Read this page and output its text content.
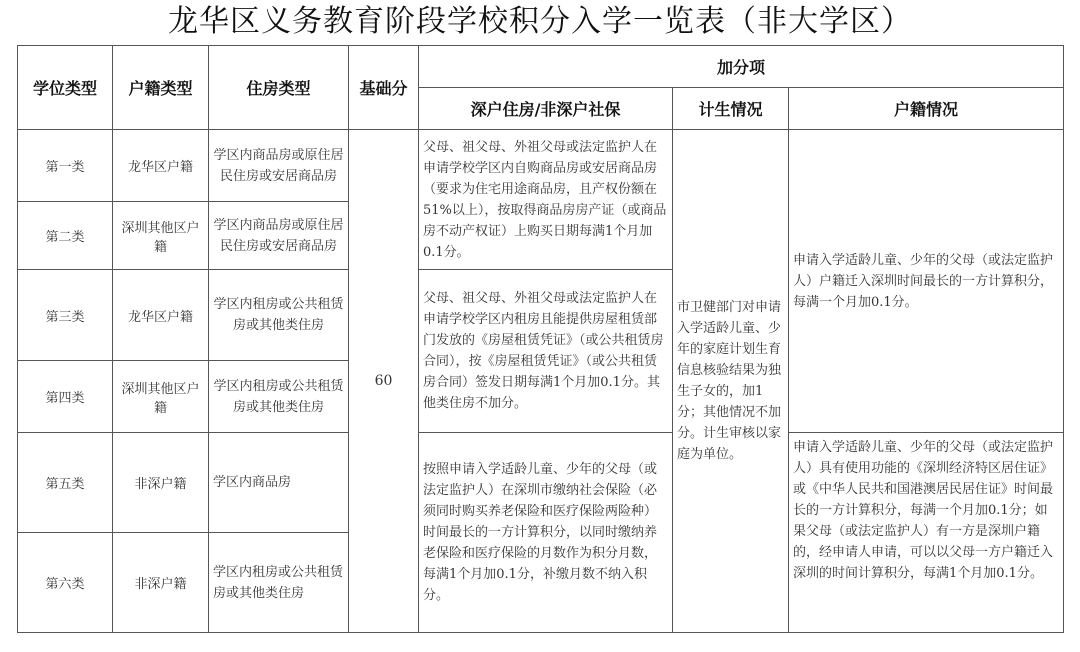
龙华区义务教育阶段学校积分入学一览表（非大学区）
学位类型	户籍类型	住房类型	基础分	加分项		
				深户住房/非深户社保	计生情况	户籍情况
第一类	龙华区户籍	学区内商品房或原住居民住房或安居商品房	60	父母、祖父母、外祖父母或法定监护人在申请学校学区内自购商品房或安居商品房（要求为住宅用途商品房，且产权份额在51%以上），按取得商品房房产证（或商品房不动产权证）上购买日期每满1个月加0.1分。	市卫健部门对申请入学适龄儿童、少年的家庭计划生育信息核验结果为独生子女的，加1分；其他情况不加分。计生审核以家庭为单位。	申请入学适龄儿童、少年的父母（或法定监护人）户籍迁入深圳时间最长的一方计算积分，每满一个月加0.1分。
第二类	深圳其他区户籍	学区内商品房或原住居民住房或安居商品房				
第三类	龙华区户籍	学区内租房或公共租赁房或其他类住房		父母、祖父母、外祖父母或法定监护人在申请学校学区内租房且能提供房屋租赁部门发放的《房屋租赁凭证》（或公共租赁房合同），按《房屋租赁凭证》（或公共租赁房合同）签发日期每满1个月加0.1分。其他类住房不加分。		
第四类	深圳其他区户籍	学区内租房或公共租赁房或其他类住房				
第五类	非深户籍	学区内商品房		按照申请入学适龄儿童、少年的父母（或法定监护人）在深圳市缴纳社会保险（必须同时购买养老保险和医疗保险两险种）时间最长的一方计算积分，以同时缴纳养老保险和医疗保险的月数作为积分月数，每满1个月加0.1分，补缴月数不纳入积分。		申请入学适龄儿童、少年的父母（或法定监护人）具有使用功能的《深圳经济特区居住证》或《中华人民共和国港澳居民居住证》时间最长的一方计算积分，每满一个月加0.1分；如果父母（或法定监护人）有一方是深圳户籍的，经申请人申请，可以以父母一方户籍迁入深圳的时间计算积分，每满1个月加0.1分。
第六类	非深户籍	学区内租房或公共租赁房或其他类住房				
